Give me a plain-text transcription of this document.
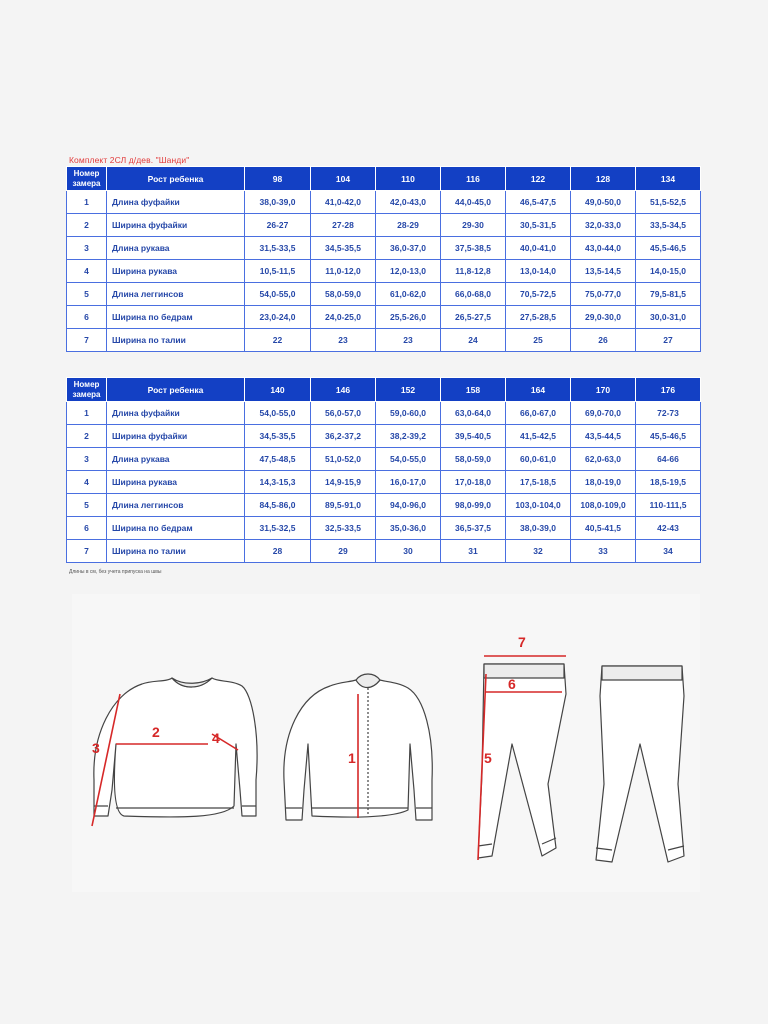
Комплект 2СЛ д/дев. "Шанди"
Номер замера	Рост ребенка	98	104	110	116	122	128	134
1	Длина фуфайки	38,0-39,0	41,0-42,0	42,0-43,0	44,0-45,0	46,5-47,5	49,0-50,0	51,5-52,5
2	Ширина фуфайки	26-27	27-28	28-29	29-30	30,5-31,5	32,0-33,0	33,5-34,5
3	Длина рукава	31,5-33,5	34,5-35,5	36,0-37,0	37,5-38,5	40,0-41,0	43,0-44,0	45,5-46,5
4	Ширина рукава	10,5-11,5	11,0-12,0	12,0-13,0	11,8-12,8	13,0-14,0	13,5-14,5	14,0-15,0
5	Длина леггинсов	54,0-55,0	58,0-59,0	61,0-62,0	66,0-68,0	70,5-72,5	75,0-77,0	79,5-81,5
6	Ширина по бедрам	23,0-24,0	24,0-25,0	25,5-26,0	26,5-27,5	27,5-28,5	29,0-30,0	30,0-31,0
7	Ширина по талии	22	23	23	24	25	26	27
Номер замера	Рост ребенка	140	146	152	158	164	170	176
1	Длина фуфайки	54,0-55,0	56,0-57,0	59,0-60,0	63,0-64,0	66,0-67,0	69,0-70,0	72-73
2	Ширина фуфайки	34,5-35,5	36,2-37,2	38,2-39,2	39,5-40,5	41,5-42,5	43,5-44,5	45,5-46,5
3	Длина рукава	47,5-48,5	51,0-52,0	54,0-55,0	58,0-59,0	60,0-61,0	62,0-63,0	64-66
4	Ширина рукава	14,3-15,3	14,9-15,9	16,0-17,0	17,0-18,0	17,5-18,5	18,0-19,0	18,5-19,5
5	Длина леггинсов	84,5-86,0	89,5-91,0	94,0-96,0	98,0-99,0	103,0-104,0	108,0-109,0	110-111,5
6	Ширина по бедрам	31,5-32,5	32,5-33,5	35,0-36,0	36,5-37,5	38,0-39,0	40,5-41,5	42-43
7	Ширина по талии	28	29	30	31	32	33	34
Длины в см, без учета припуска на швы
2
3
4
1
7
6
5
